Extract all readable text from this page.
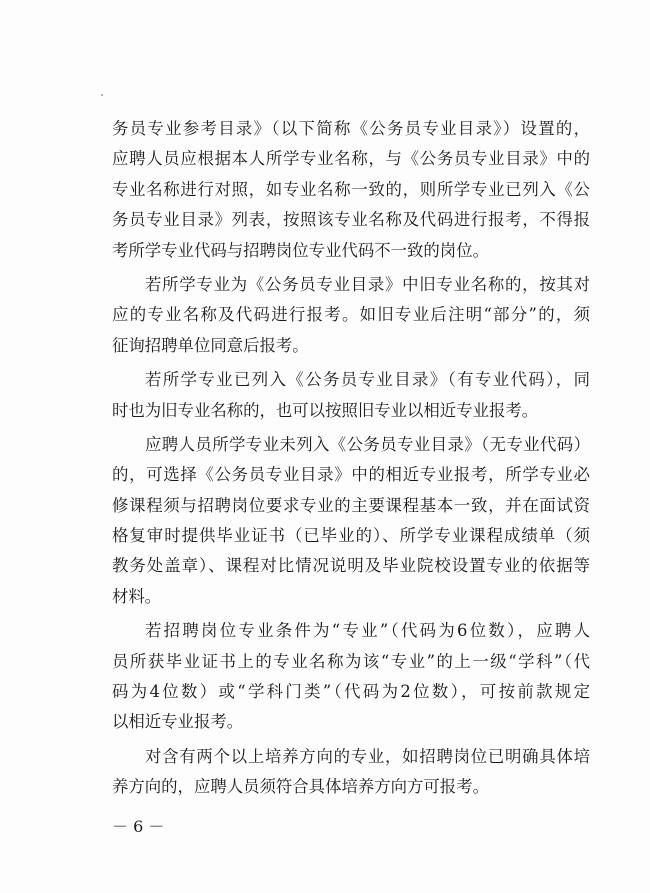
务员专业参考目录》（以下简称《公务员专业目录》）设置的，
应聘人员应根据本人所学专业名称，与《公务员专业目录》中的
专业名称进行对照，如专业名称一致的，则所学专业已列入《公
务员专业目录》列表，按照该专业名称及代码进行报考，不得报
考所学专业代码与招聘岗位专业代码不一致的岗位。
若所学专业为《公务员专业目录》中旧专业名称的，按其对
应的专业名称及代码进行报考。如旧专业后注明“部分”的，须
征询招聘单位同意后报考。
若所学专业已列入《公务员专业目录》（有专业代码），同
时也为旧专业名称的，也可以按照旧专业以相近专业报考。
应聘人员所学专业未列入《公务员专业目录》（无专业代码）
的，可选择《公务员专业目录》中的相近专业报考，所学专业必
修课程须与招聘岗位要求专业的主要课程基本一致，并在面试资
格复审时提供毕业证书（已毕业的）、所学专业课程成绩单（须
教务处盖章）、课程对比情况说明及毕业院校设置专业的依据等
材料。
若招聘岗位专业条件为“专业”（代码为6位数），应聘人
员所获毕业证书上的专业名称为该“专业”的上一级“学科”（代
码为4位数）或“学科门类”（代码为2位数），可按前款规定
以相近专业报考。
对含有两个以上培养方向的专业，如招聘岗位已明确具体培
养方向的，应聘人员须符合具体培养方向方可报考。
－ 6 －
